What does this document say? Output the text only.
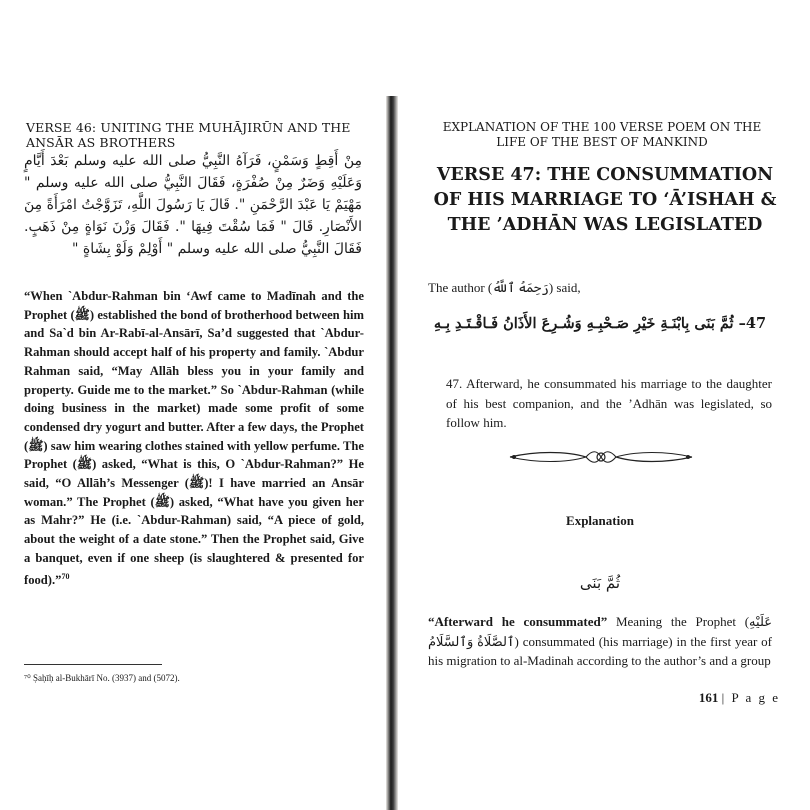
VERSE 46: UNITING THE MUHĀJIRŪN AND THE ANSĀR AS BROTHERS
مِنْ أَقِطٍ وَسَمْنٍ، فَرَآهُ النَّبِيُّ صلى الله عليه وسلم بَعْدَ أَيَّامٍ وَعَلَيْهِ وَضَرٌ مِنْ صُفْرَةٍ، فَقَالَ النَّبِيُّ صلى الله عليه وسلم " مَهْيَمْ يَا عَبْدَ الرَّحْمَنِ ". قَالَ يَا رَسُولَ اللَّهِ، تَزَوَّجْتُ امْرَأَةً مِنَ الأَنْصَارِ. قَالَ " فَمَا سُقْتَ فِيهَا ". فَقَالَ وَزْنَ نَوَاةٍ مِنْ ذَهَبٍ. فَقَالَ النَّبِيُّ صلى الله عليه وسلم " أَوْلِمْ وَلَوْ بِشَاةٍ "
“When `Abdur-Rahman bin ‘Awf came to Madīnah and the Prophet (ﷺ) established the bond of brotherhood between him and Sa`d bin Ar-Rabī-al-Ansārī, Sa’d suggested that `Abdur-Rahman should accept half of his property and family. `Abdur Rahman said, “May Allāh bless you in your family and property. Guide me to the market.” So `Abdur-Rahman (while doing business in the market) made some profit of some condensed dry yogurt and butter. After a few days, the Prophet (ﷺ) saw him wearing clothes stained with yellow perfume. The Prophet (ﷺ) asked, “What is this, O `Abdur-Rahman?” He said, “O Allāh’s Messenger (ﷺ)! I have married an Ansār woman.” The Prophet (ﷺ) asked, “What have you given her as Mahr?” He (i.e. `Abdur-Rahman) said, “A piece of gold, about the weight of a date stone.” Then the Prophet said, Give a banquet, even if one sheep (is slaughtered & presented for food).”$^{70}$
⁷⁰ Ṣaḥīḥ al-Bukhārī No. (3937) and (5072).
EXPLANATION OF THE 100 VERSE POEM ON THE LIFE OF THE BEST OF MANKIND
VERSE 47: THE CONSUMMATION OF HIS MARRIAGE TO ‘Ā’ISHAH & THE ’ADHĀN WAS LEGISLATED
The author (رَحِمَهُ ٱللَّهُ) said,
47– ثُمَّ بَنَى بِابْنَـةِ خَيْرِ صَـحْبِـهِ وَشُـرِعَ الأَذَانُ فَـاقْـتَـدِ بِـهِ
47. Afterward, he consummated his marriage to the daughter of his best companion, and the ’Adhān was legislated, so follow him.
Explanation
ثُمَّ بَنَى
“Afterward he consummated” Meaning the Prophet (عَلَيْهِ ٱلصَّلَاةُ وَٱلسَّلَامُ) consummated (his marriage) in the first year of his migration to al-Madinah according to the author’s and a group
161 | P a g e
